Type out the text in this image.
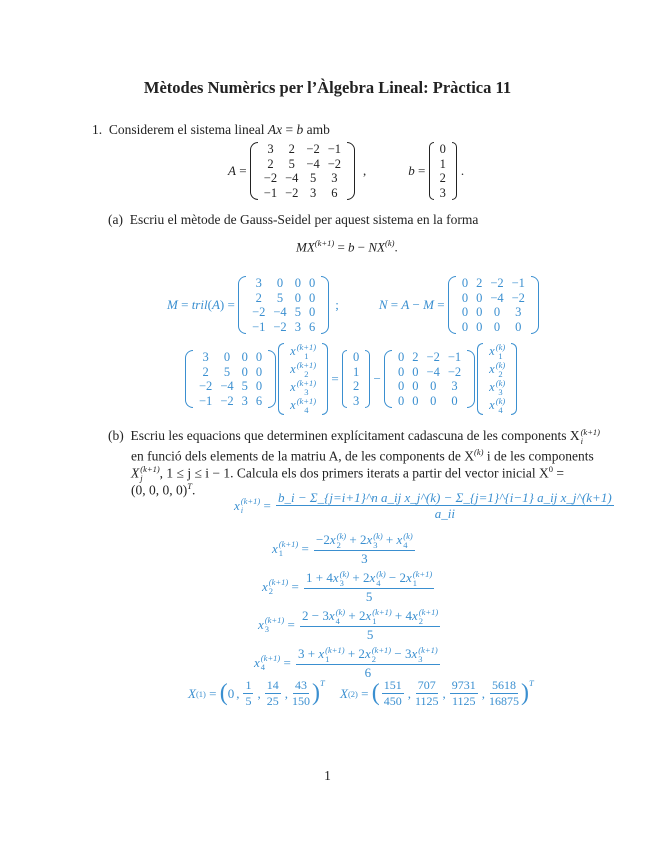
Mètodes Numèrics per l’Àlgebra Lineal: Pràctica 11
1. Considerem el sistema lineal Ax = b amb
A =
3	2	−2	−1
2	5	−4	−2
−2	−4	5	3
−1	−2	3	6
,	b =
0
1
2
3
.
(a) Escriu el mètode de Gauss-Seidel per aquest sistema en la forma
$MX^{(k+1)} = b - NX^{(k)}$.
M = tril ( A ) =
3	0	0	0
2	5	0	0
−2	−4	5	0
−1	−2	3	6
;	N = A − M =
0	2	−2	−1
0	0	−4	−2
0	0	0	3
0	0	0	0
3	0	0	0
2	5	0	0
−2	−4	5	0
−1	−2	3	6
x (k+1)
1

x (k+1)
2

x (k+1)
3

x (k+1)
4
=
0
1
2
3
−
0	2	−2	−1
0	0	−4	−2
0	0	0	3
0	0	0	0
x (k)
1

x (k)
2

x (k)
3

x (k)
4
(b) Escriu les equacions que determinen explícitament cadascuna de les components X (k+1)
i
en funció dels elements de la matriu A, de les components de $X^{(k)}$ i de les components
X (k+1)
j	, 1 ≤ j ≤ i − 1. Calcula els dos primers iterats a partir del vector inicial $X^0$ =
(0, 0, 0, 0)$^T$.
x (k+1)
i	= b_i − Σ_{j=i+1}^n a_ij x_j^(k) − Σ_{j=1}^{i−1} a_ij x_j^(k+1)
a_ii
x (k+1)
1	= −2x (k)
2 + 2x (k)
3 + x (k)
4
3
x (k+1)
2	= 1 + 4x (k)
3 + 2x (k)
4 − 2x (k+1)
1
5
x (k+1)
3	= 2 − 3x (k)
4 + 2x (k+1)
1	+ 4x (k+1)
2
5
x (k+1)
4	= 3 + x (k+1)
1	+ 2x (k+1)
2	− 3x (k+1)
3
6
X (1) = ( 0 , $\frac{1}{5}$ , $\frac{14}{25}$ , $\frac{43}{150} )^T$
X (2) = ( $\frac{151}{450}$ , $\frac{707}{1125}$ , $\frac{9731}{1125}$ , $\frac{5618}{16875} )^T$
1
